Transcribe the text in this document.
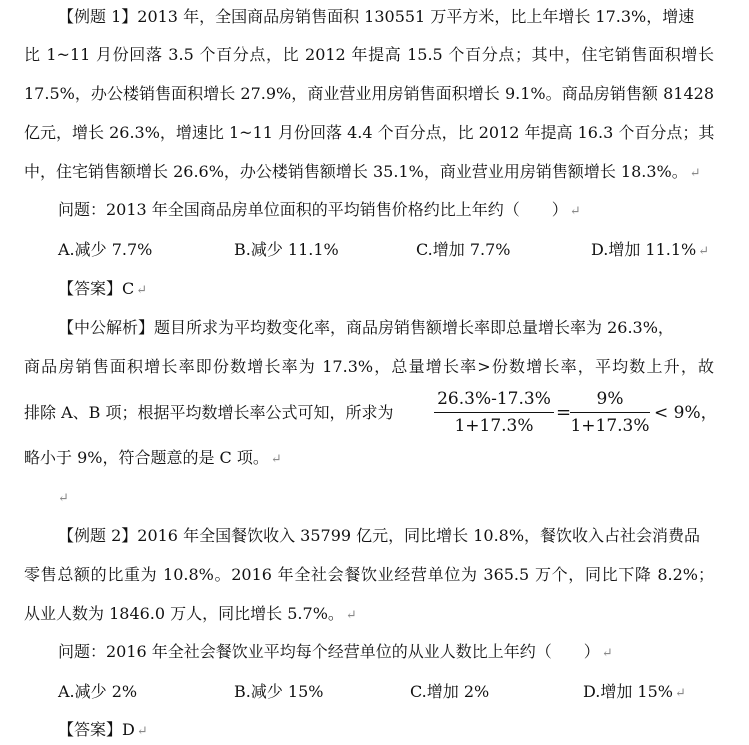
【例题 1】2013 年，全国商品房销售面积 130551 万平方米，比上年增长 17.3%，增速
比 1~11 月份回落 3.5 个百分点，比 2012 年提高 15.5 个百分点；其中，住宅销售面积增长
17.5%，办公楼销售面积增长 27.9%，商业营业用房销售面积增长 9.1%。商品房销售额 81428
亿元，增长 26.3%，增速比 1~11 月份回落 4.4 个百分点，比 2012 年提高 16.3 个百分点；其
中，住宅销售额增长 26.6%，办公楼销售额增长 35.1%，商业营业用房销售额增长 18.3%。 ↵
问题：2013 年全国商品房单位面积的平均销售价格约比上年约（　　） ↵
A.减少 7.7%	B.减少 11.1%	C.增加 7.7%	D.增加 11.1% ↵
【答案】C ↵
【中公解析】题目所求为平均数变化率，商品房销售额增长率即总量增长率为 26.3%，
商品房销售面积增长率即份数增长率为 17.3%，总量增长率>份数增长率，平均数上升，故
排除 A、B 项；根据平均数增长率公式可知，所求为
26.3%-17.3%
1+17.3%
=
9%
1+17.3%
< 9%，
略小于 9%，符合题意的是 C 项。 ↵
↵
【例题 2】2016 年全国餐饮收入 35799 亿元，同比增长 10.8%，餐饮收入占社会消费品
零售总额的比重为 10.8%。2016 年全社会餐饮业经营单位为 365.5 万个，同比下降 8.2%；
从业人数为 1846.0 万人，同比增长 5.7%。 ↵
问题：2016 年全社会餐饮业平均每个经营单位的从业人数比上年约（　　） ↵
A.减少 2%	B.减少 15%	C.增加 2%	D.增加 15% ↵
【答案】D ↵
